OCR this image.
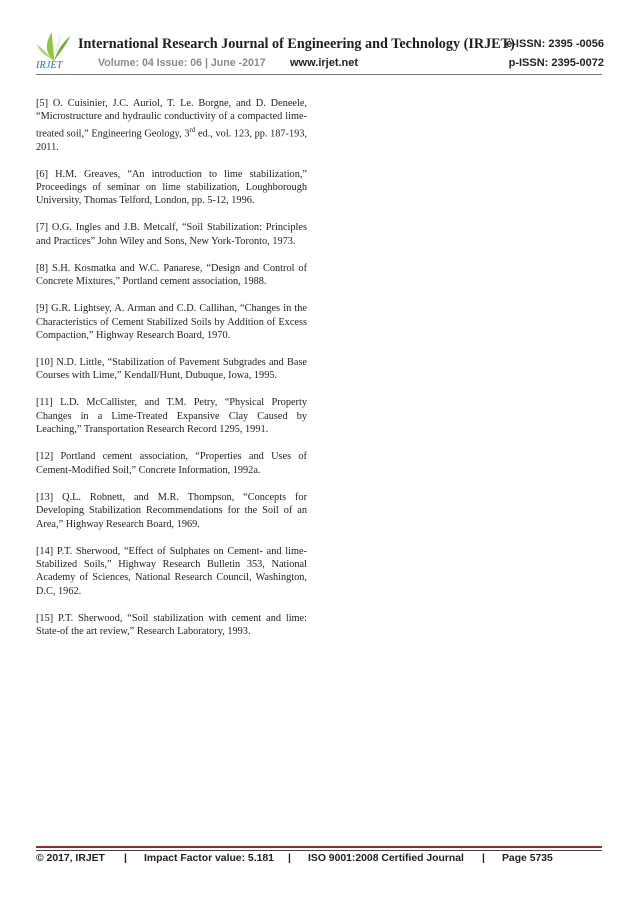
IRJET
International Research Journal of Engineering and Technology (IRJET)
e-ISSN: 2395 -0056
Volume: 04 Issue: 06 | June -2017 www.irjet.net	p-ISSN: 2395-0072

[5] O. Cuisinier, J.C. Auriol, T. Le. Borgne, and D. Deneele, “Microstructure and hydraulic conductivity of a compacted lime-treated soil,” Engineering Geology, 3rd ed., vol. 123, pp. 187-193, 2011.

[6] H.M. Greaves, “An introduction to lime stabilization,” Proceedings of seminar on lime stabilization, Loughborough University, Thomas Telford, London, pp. 5-12, 1996.

[7] O.G. Ingles and J.B. Metcalf, “Soil Stabilization: Principles and Practices” John Wiley and Sons, New York-Toronto, 1973.

[8] S.H. Kosmatka and W.C. Panarese, “Design and Control of Concrete Mixtures,” Portland cement association, 1988.

[9] G.R. Lightsey, A. Arman and C.D. Callihan, “Changes in the Characteristics of Cement Stabilized Soils by Addition of Excess Compaction,” Highway Research Board, 1970.

[10] N.D. Little, “Stabilization of Pavement Subgrades and Base Courses with Lime,” Kendall/Hunt, Dubuque, Iowa, 1995.

[11] L.D. McCallister, and T.M. Petry, “Physical Property Changes in a Lime-Treated Expansive Clay Caused by Leaching,” Transportation Research Record 1295, 1991.

[12] Portland cement association, “Properties and Uses of Cement-Modified Soil,” Concrete Information, 1992a.

[13] Q.L. Robnett, and M.R. Thompson, “Concepts for Developing Stabilization Recommendations for the Soil of an Area,” Highway Research Board, 1969.

[14] P.T. Sherwood, “Effect of Sulphates on Cement- and lime-Stabilized Soils,” Highway Research Bulletin 353, National Academy of Sciences, National Research Council, Washington, D.C, 1962.

[15] P.T. Sherwood, “Soil stabilization with cement and lime: State-of the art review,” Research Laboratory, 1993.

© 2017, IRJET | Impact Factor value: 5.181 | ISO 9001:2008 Certified Journal | Page 5735
